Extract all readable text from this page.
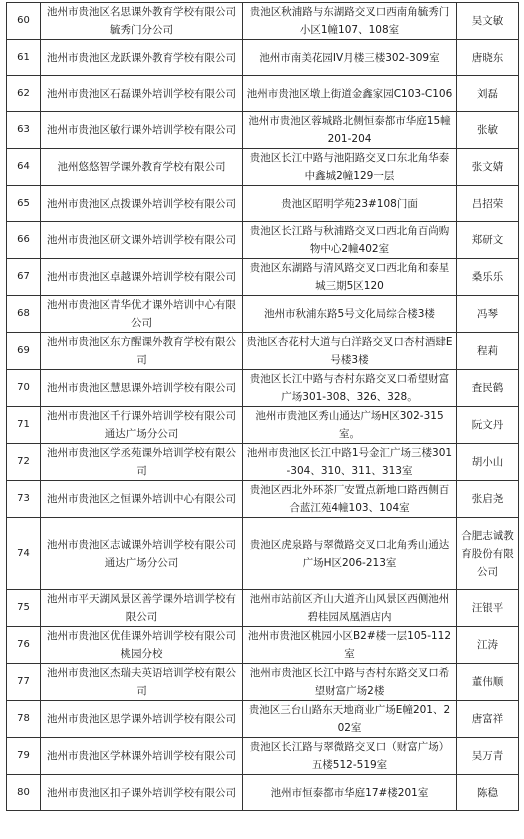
60	池州市贵池区名思课外教育学校有限公司毓秀门分公司	贵池区秋浦路与东湖路交叉口西南角毓秀门小区1幢107、108室	吴文敏
61	池州市贵池区龙跃课外教育学校有限公司	池州市南美花园IV月楼三楼302-309室	唐晓东
62	池州市贵池区石磊课外培训学校有限公司	池州市贵池区墩上街道金鑫家园C103-C106	刘磊
63	池州市贵池区敏行课外培训学校有限公司	池州市贵池区蓉城路北侧恒泰都市华庭15幢201-204	张敏
64	池州悠悠智学课外教育学校有限公司	贵池区长江中路与池阳路交叉口东北角华泰中鑫城2幢129一层	张文婧
65	池州市贵池区点拨课外培训学校有限公司	贵池区昭明学苑23#108门面	吕招荣
66	池州市贵池区研文课外培训学校有限公司	贵池区长江路与秋浦路交叉口西北角百尚购物中心2幢402室	郑研文
67	池州市贵池区卓越课外培训学校有限公司	贵池区东湖路与清风路交叉口西北角和泰星城三期5区120	桑乐乐
68	池州市贵池区青华优才课外培训中心有限公司	池州市秋浦东路5号文化局综合楼3楼	冯琴
69	池州市贵池区东方醒课外教育学校有限公司	贵池区杏花村大道与白洋路交叉口杏村酒肆E号楼3楼	程莉
70	池州市贵池区慧思课外培训学校有限公司	贵池区长江中路与杏村东路交叉口希望财富广场301-308、326、328。	査民鹤
71	池州市贵池区千行课外培训学校有限公司通达广场分公司	池州市贵池区秀山通达广场H区302-315室。	阮文丹
72	池州市贵池区学丞苑课外培训学校有限公司	池州市贵池区长江中路1号金汇广场三楼301-304、310、311、313室	胡小山
73	池州市贵池区之恒课外培训中心有限公司	贵池区西北外环茶厂安置点新地口路西侧百合蓝江苑4幢103、104室	张启尧
74	池州市贵池区志诚课外培训学校有限公司通达广场分公司	贵池区虎泉路与翠微路交叉口北角秀山通达广场H区206-213室	合肥志诚教育股份有限公司
75	池州市平天湖风景区善学课外培训学校有限公司	池州市站前区齐山大道齐山风景区西侧池州碧桂园凤凰酒店内	汪银平
76	池州市贵池区优佳课外培训学校有限公司桃园分校	池州市贵池区桃园小区B2#楼一层105-112室	江涛
77	池州市贵池区杰瑞夫英语培训学校有限公司	池州市贵池区长江中路与杏村东路交叉口希望财富广场2楼	董伟顺
78	池州市贵池区思学课外培训学校有限公司	贵池区三台山路东天地商业广场E幢201、202室	唐富祥
79	池州市贵池区学林课外培训学校有限公司	贵池区长江路与翠微路交叉口（财富广场）五楼512-519室	吴万青
80	池州市贵池区扣子课外培训学校有限公司	池州市恒泰都市华庭17#楼201室	陈稳
